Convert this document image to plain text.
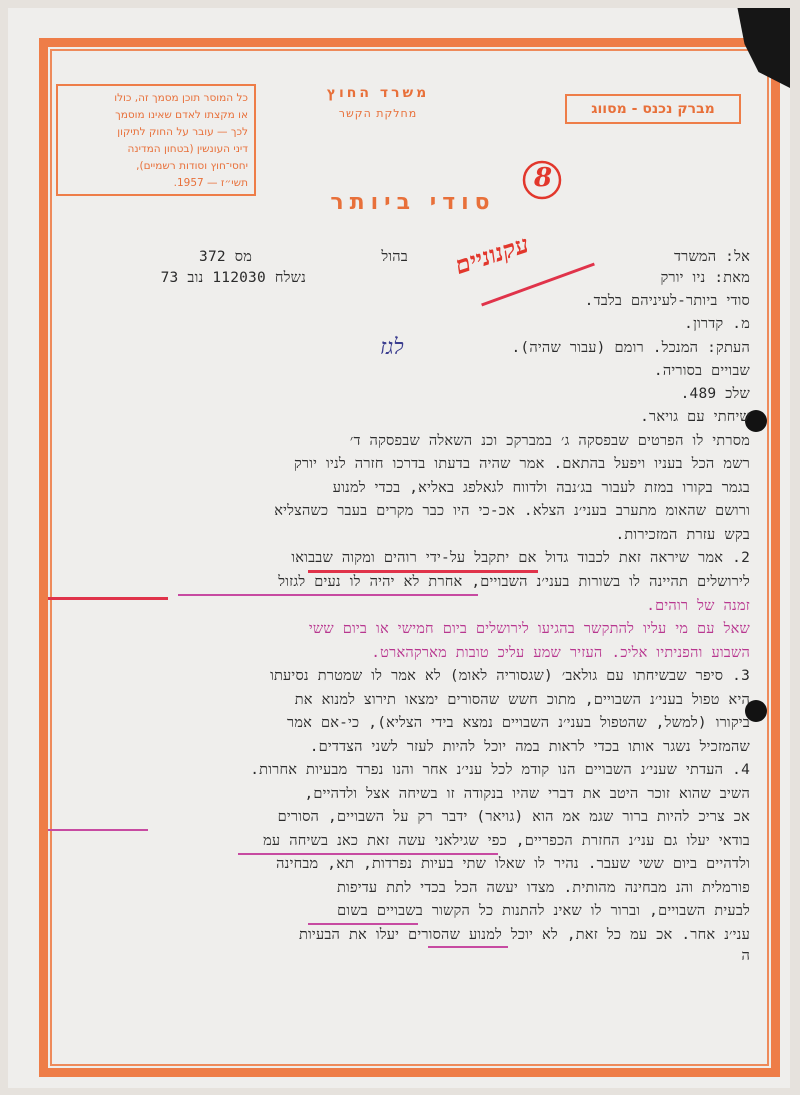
כל המוסר תוכן מסמך זה, כולו
או מקצתו לאדם שאינו מוסמך
לכך — עובר על החוק לתיקון
דיני העונשין (בטחון המדינה
יחסי־חוץ וסודות רשמיים),
תשי״ז — 1957.
משרד החוץ
מחלקת הקשר	מברק נכנס - מסווג
סודי ביותר
8
עקנוניים
לגז
בהול
מס 372
נשלח 112030 נוב 73
אל: המשרד
מאת: ניו יורק
סודי ביותר-לעיניהם בלבד.
מ. קדרון.
העתק: המנכל. רומם (עבור שהיה).
שבויים בסוריה.
שלכ 489.
שיחתי עם גויאר.
מסרתי לו הפרטים שבפסקה ג׳ במברקכ וכנ השאלה שבפסקה ד׳
רשמ הכל בעניו ויפעל בהתאם. אמר שהיה בדעתו בדרכו חזרה לניו יורק
בגמר בקורו במזת לעבור בג׳נבה ולדווח לגאלפג באליא, בכדי למנוע
ורושם שהאומ מתערב בעני׳נ הצלא. אכ-כי היו כבר מקרים בעבר כשהצליא
בקש עזרת המזכירות.
2. אמר שיראה זאת לכבוד גדול אם יתקבל על-ידי רוהים ומקוה שבבואו
לירושלים תהיינה לו בשורות בעני׳נ השבויים, אחרת לא יהיה לו נעים לגזול
זמנה של רוהים.
שאל עם מי עליו להתקשר בהגיעו לירושלים ביום חמישי או ביום ששי
השבוע והפניתיו אליכ. העזיר שמע עליכ טובות מארקהארט.
3. סיפר שבשיחתו עם גולאב׳ (שגסוריה לאומ) לא אמר לו שמטרת נסיעתו
היא טפול בעני׳נ השבויים, מתוכ חשש שהסורים ימצאו תירוצ למנוא את
ביקורו (למשל, שהטפול בעני׳נ השבויים נמצא בידי הצליא), כי-אם אמר
שהמזכיל נשגר אותו בכדי לראות במה יוכל להיות לעזר לשני הצדדים.
4. העדתי שעני׳נ השבויים הנו קודמ לכל עני׳נ אחר והנו נפרד מבעיות אחרות.
השיב שהוא זוכר היטב את דברי שהיו בנקודה זו בשיחה אצל ולדהיים,
אכ צריכ להיות ברור שגמ אמ הוא (גויאר) ידבר רק על השבויים, הסורים
בודאי יעלו גם עני׳נ החזרת הכפריים, כפי שגילאני עשה זאת כאנ בשיחה עמ
ולדהיים ביום ששי שעבר. נהיר לו שאלו שתי בעיות נפרדות, תא, מבחינה
פורמלית והנ מבחינה מהותית. מצדו יעשה הכל בכדי לתת עדיפות
לבעית השבויים, וברור לו שאינ להתנות כל הקשור בשבויים בשום
עני׳נ אחר. אכ עמ כל זאת, לא יוכל למנוע שהסורים יעלו את הבעיות
ה
